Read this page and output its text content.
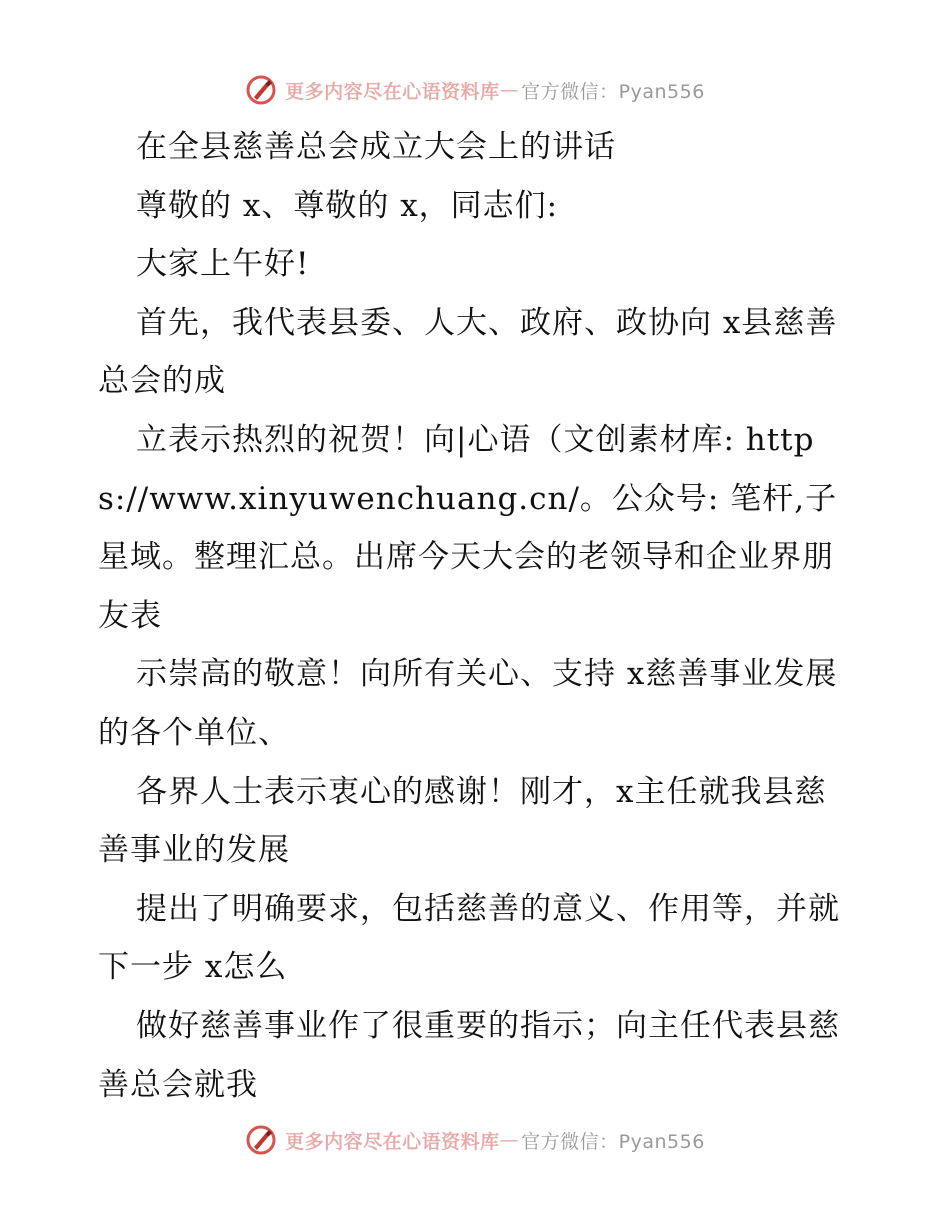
更多内容尽在心语资料库 — 官方微信：Pyan556

在全县慈善总会成立大会上的讲话

尊敬的 x、尊敬的 x，同志们:

大家上午好!

首先，我代表县委、人大、政府、政协向 x县慈善总会的成

立表示热烈的祝贺！向|心语（文创素材库: https://www.xinyuwenchuang.cn/。公众号: 笔杆,子星域。整理汇总。出席今天大会的老领导和企业界朋友表

示崇高的敬意！向所有关心、支持 x慈善事业发展的各个单位、

各界人士表示衷心的感谢！刚才，x主任就我县慈善事业的发展

提出了明确要求，包括慈善的意义、作用等，并就下一步 x怎么

做好慈善事业作了很重要的指示；向主任代表县慈善总会就我

更多内容尽在心语资料库 — 官方微信：Pyan556
